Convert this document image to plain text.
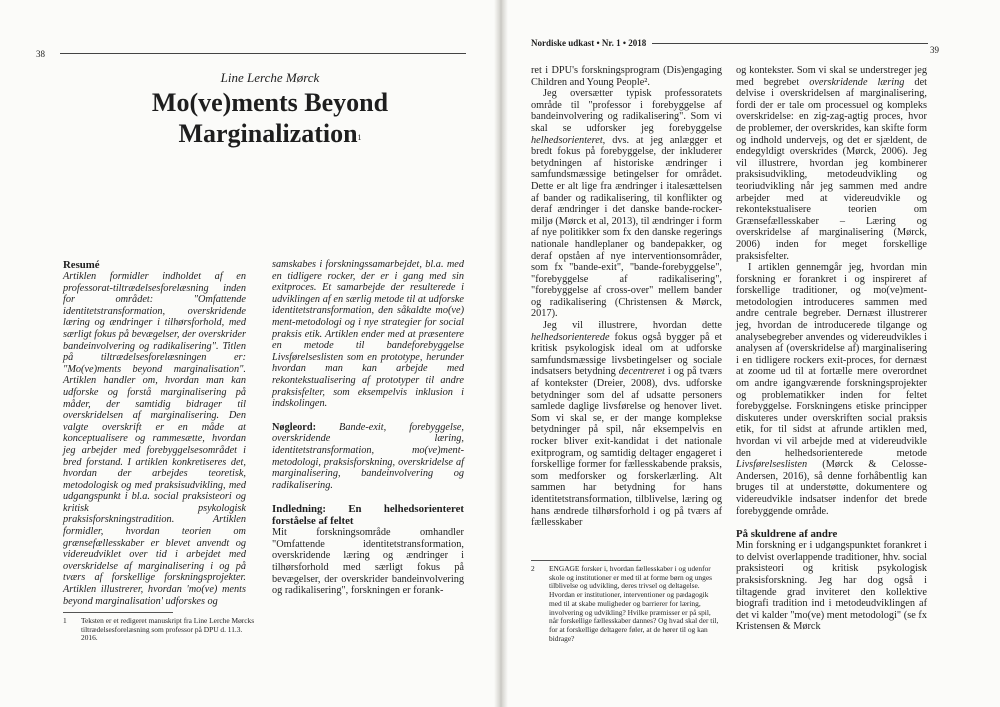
38
Line Lerche Mørck
Mo(ve)ments Beyond
Marginalization$^1$
Resumé

Artiklen formidler indholdet af en professorat-tiltrædelsesforelæsning inden for området: "Omfattende identitetstransformation, overskridende læring og ændringer i tilhørsforhold, med særligt fokus på bevægelser, der overskrider bandeinvolvering og radikalisering". Titlen på tiltrædelsesforelæsningen er: "Mo(ve)ments beyond marginalisation". Artiklen handler om, hvordan man kan udforske og forstå marginalisering på måder, der samtidig bidrager til overskridelsen af marginalisering. Den valgte overskrift er en måde at konceptualisere og rammesætte, hvordan jeg arbejder med forebyggelsesområdet i bred forstand. I artiklen konkretiseres det, hvordan der arbejdes teoretisk, metodologisk og med praksisudvikling, med udgangspunkt i bl.a. social praksisteori og kritisk psykologisk praksisforskningstradition. Artiklen formidler, hvordan teorien om grænsefællesskaber er blevet anvendt og videreudviklet over tid i arbejdet med overskridelse af marginalisering i og på tværs af forskellige forskningsprojekter. Artiklen illustrerer, hvordan 'mo(ve) ments beyond marginalisation' udforskes og

samskabes i forskningssamarbejdet, bl.a. med en tidligere rocker, der er i gang med sin exitproces. Et samarbejde der resulterede i udviklingen af en særlig metode til at udforske identitetstransformation, den såkaldte mo(ve) ment-metodologi og i nye strategier for social praksis etik. Artiklen ender med at præsentere en metode til bandeforebyggelse Livsførelseslisten som en prototype, herunder hvordan man kan arbejde med rekontekstualisering af prototyper til andre praksisfelter, som eksempelvis inklusion i indskolingen.

Nøgleord: Bande-exit, forebyggelse, overskridende læring, identitetstransformation, mo(ve)ment-metodologi, praksisforskning, overskridelse af marginalisering, bandeinvolvering og radikalisering.

Indledning: En helhedsorienteret forståelse af feltet

Mit forskningsområde omhandler "Omfattende identitetstransformation, overskridende læring og ændringer i tilhørsforhold med særligt fokus på bevægelser, der overskrider bandeinvolvering og radikalisering", forskningen er forank-

1 Teksten er et redigeret manuskript fra Line Lerche Mørcks tiltrædelsesforelæsning som professor på DPU d. 11.3. 2016.
Nordiske udkast • Nr. 1 • 2018
39

ret i DPU's forskningsprogram (Dis)engaging Children and Young People².

Jeg oversætter typisk professoratets område til "professor i forebyggelse af bandeinvolvering og radikalisering". Som vi skal se udforsker jeg forebyggelse helhedsorienteret, dvs. at jeg anlægger et bredt fokus på forebyggelse, der inkluderer betydningen af historiske ændringer i samfundsmæssige betingelser for området. Dette er alt lige fra ændringer i italesættelsen af bander og radikalisering, til konflikter og deraf ændringer i det danske bande-rocker-miljø (Mørck et al, 2013), til ændringer i form af nye politikker som fx den danske regerings nationale handleplaner og bandepakker, og deraf opståen af nye interventionsområder, som fx "bande-exit", "bande-forebyggelse", "forebyggelse af radikalisering", "forebyggelse af cross-over" mellem bander og radikalisering (Christensen & Mørck, 2017).

Jeg vil illustrere, hvordan dette helhedsorienterede fokus også bygger på et kritisk psykologisk ideal om at udforske samfundsmæssige livsbetingelser og sociale indsatsers betydning decentreret i og på tværs af kontekster (Dreier, 2008), dvs. udforske betydninger som del af udsatte personers samlede daglige livsførelse og henover livet. Som vi skal se, er der mange komplekse betydninger på spil, når eksempelvis en rocker bliver exit-kandidat i det nationale exitprogram, og samtidig deltager engageret i forskellige former for fællesskabende praksis, som medforsker og forskerlærling. Alt sammen har betydning for hans identitetstransformation, tilblivelse, læring og hans ændrede tilhørsforhold i og på tværs af fællesskaber

2 ENGAGE forsker i, hvordan fællesskaber i og udenfor skole og institutioner er med til at forme børn og unges tilblivelse og udvikling, deres trivsel og deltagelse. Hvordan er institutioner, interventioner og pædagogik med til at skabe muligheder og barrierer for læring, involvering og udvikling? Hvilke præmisser er på spil, når forskellige fællesskaber dannes? Og hvad skal der til, for at forskellige deltagere føler, at de hører til og kan bidrage?

og kontekster. Som vi skal se understreger jeg med begrebet overskridende læring det delvise i overskridelsen af marginalisering, fordi der er tale om processuel og kompleks overskridelse: en zig-zag-agtig proces, hvor de problemer, der overskrides, kan skifte form og indhold undervejs, og det er sjældent, de endegyldigt overskrides (Mørck, 2006). Jeg vil illustrere, hvordan jeg kombinerer praksisudvikling, metodeudvikling og teoriudvikling når jeg sammen med andre arbejder med at videreudvikle og rekontekstualisere teorien om Grænsefællesskaber – Læring og overskridelse af marginalisering (Mørck, 2006) inden for meget forskellige praksisfelter.

I artiklen gennemgår jeg, hvordan min forskning er forankret i og inspireret af forskellige traditioner, og mo(ve)ment-metodologien introduceres sammen med andre centrale begreber. Dernæst illustrerer jeg, hvordan de introducerede tilgange og analysebegreber anvendes og videreudvikles i analysen af (overskridelse af) marginalisering i en tidligere rockers exit-proces, for dernæst at zoome ud til at fortælle mere overordnet om andre igangværende forskningsprojekter og problematikker inden for feltet forebyggelse. Forskningens etiske principper diskuteres under overskriften social praksis etik, for til sidst at afrunde artiklen med, hvordan vi vil arbejde med at videreudvikle den helhedsorienterede metode Livsførelseslisten (Mørck & Celosse-Andersen, 2016), så denne forhåbentlig kan bruges til at understøtte, dokumentere og videreudvikle indsatser indenfor det brede forebyggende område.

På skuldrene af andre

Min forskning er i udgangspunktet forankret i to delvist overlappende traditioner, hhv. social praksisteori og kritisk psykologisk praksisforskning. Jeg har dog også i tiltagende grad inviteret den kollektive biografi tradition ind i metodeudviklingen af det vi kalder "mo(ve) ment metodologi" (se fx Kristensen & Mørck
